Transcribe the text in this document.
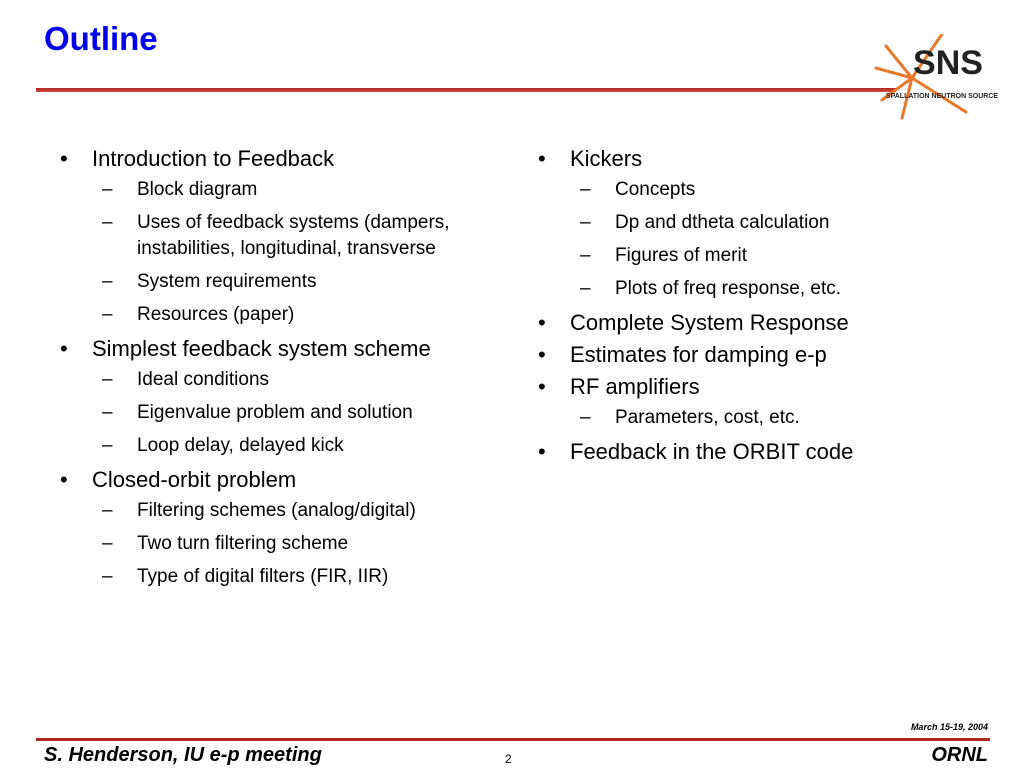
Outline
SNS
SPALLATION NEUTRON SOURCE
• Introduction to Feedback
– Block diagram
– Uses of feedback systems (dampers, instabilities, longitudinal, transverse
– System requirements
– Resources (paper)
• Simplest feedback system scheme
– Ideal conditions
– Eigenvalue problem and solution
– Loop delay, delayed kick
• Closed-orbit problem
– Filtering schemes (analog/digital)
– Two turn filtering scheme
– Type of digital filters (FIR, IIR)
• Kickers
– Concepts
– Dp and dtheta calculation
– Figures of merit
– Plots of freq response, etc.
• Complete System Response
• Estimates for damping e-p
• RF amplifiers
– Parameters, cost, etc.
• Feedback in the ORBIT code
March 15-19, 2004
S. Henderson, IU e-p meeting	2	ORNL
